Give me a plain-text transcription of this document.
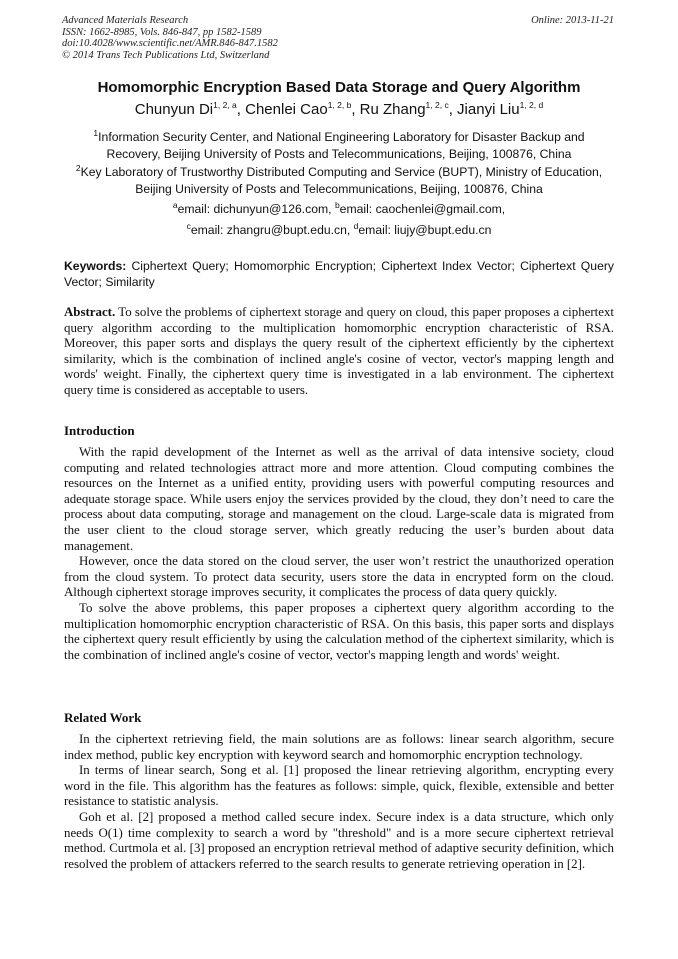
Advanced Materials Research
ISSN: 1662-8985, Vols. 846-847, pp 1582-1589
doi:10.4028/www.scientific.net/AMR.846-847.1582
© 2014 Trans Tech Publications Ltd, Switzerland
Online: 2013-11-21
Homomorphic Encryption Based Data Storage and Query Algorithm
Chunyun Di$^{1, 2, a}$, Chenlei Cao$^{1, 2, b}$, Ru Zhang$^{1, 2, c}$, Jianyi Liu$^{1, 2, d}$
$^1$Information Security Center, and National Engineering Laboratory for Disaster Backup and
Recovery, Beijing University of Posts and Telecommunications, Beijing, 100876, China
$^2$Key Laboratory of Trustworthy Distributed Computing and Service (BUPT), Ministry of Education,
Beijing University of Posts and Telecommunications, Beijing, 100876, China
$^a$email: dichunyun@126.com, $^b$email: caochenlei@gmail.com,
$^c$email: zhangru@bupt.edu.cn, $^d$email: liujy@bupt.edu.cn
Keywords: Ciphertext Query; Homomorphic Encryption; Ciphertext Index Vector; Ciphertext Query Vector; Similarity

Abstract. To solve the problems of ciphertext storage and query on cloud, this paper proposes a ciphertext query algorithm according to the multiplication homomorphic encryption characteristic of RSA. Moreover, this paper sorts and displays the query result of the ciphertext efficiently by the ciphertext similarity, which is the combination of inclined angle's cosine of vector, vector's mapping length and words' weight. Finally, the ciphertext query time is investigated in a lab environment. The ciphertext query time is considered as acceptable to users.

Introduction

With the rapid development of the Internet as well as the arrival of data intensive society, cloud computing and related technologies attract more and more attention. Cloud computing combines the resources on the Internet as a unified entity, providing users with powerful computing resources and adequate storage space. While users enjoy the services provided by the cloud, they don’t need to care the process about data computing, storage and management on the cloud. Large-scale data is migrated from the user client to the cloud storage server, which greatly reducing the user’s burden about data management.

However, once the data stored on the cloud server, the user won’t restrict the unauthorized operation from the cloud system. To protect data security, users store the data in encrypted form on the cloud. Although ciphertext storage improves security, it complicates the process of data query quickly.

To solve the above problems, this paper proposes a ciphertext query algorithm according to the multiplication homomorphic encryption characteristic of RSA. On this basis, this paper sorts and displays the ciphertext query result efficiently by using the calculation method of the ciphertext similarity, which is the combination of inclined angle's cosine of vector, vector's mapping length and words' weight.

Related Work

In the ciphertext retrieving field, the main solutions are as follows: linear search algorithm, secure index method, public key encryption with keyword search and homomorphic encryption technology.

In terms of linear search, Song et al. [1] proposed the linear retrieving algorithm, encrypting every word in the file. This algorithm has the features as follows: simple, quick, flexible, extensible and better resistance to statistic analysis.

Goh et al. [2] proposed a method called secure index. Secure index is a data structure, which only needs O(1) time complexity to search a word by "threshold" and is a more secure ciphertext retrieval method. Curtmola et al. [3] proposed an encryption retrieval method of adaptive security definition, which resolved the problem of attackers referred to the search results to generate retrieving operation in [2].
